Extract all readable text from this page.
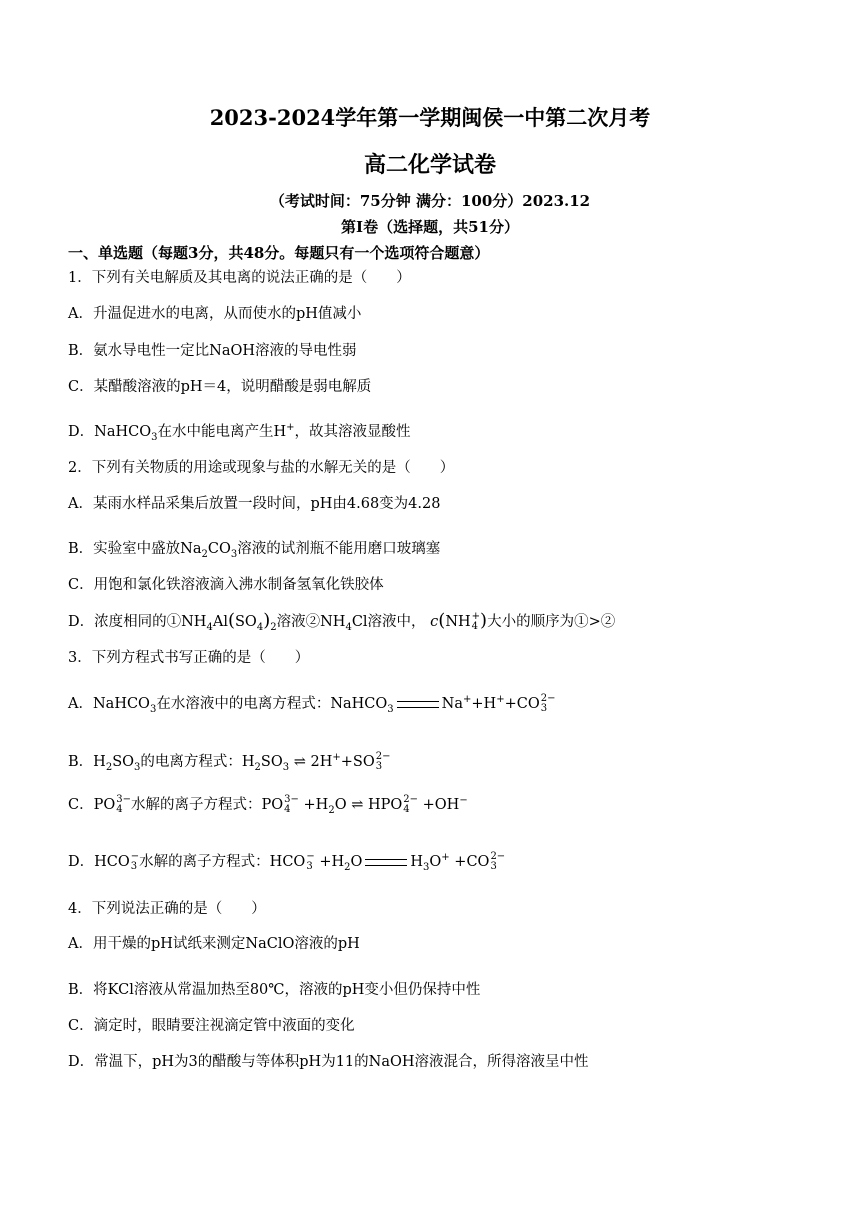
2023-2024学年第一学期闽侯一中第二次月考
高二化学试卷
（考试时间：75分钟 满分：100分）2023.12
第Ⅰ卷（选择题，共51分）
一、单选题（每题3分，共48分。每题只有一个选项符合题意）
1．下列有关电解质及其电离的说法正确的是（　　）
A．升温促进水的电离，从而使水的pH值减小
B．氨水导电性一定比NaOH溶液的导电性弱
C．某醋酸溶液的pH＝4，说明醋酸是弱电解质
D．NaHCO$_3$在水中能电离产生H+，故其溶液显酸性
2．下列有关物质的用途或现象与盐的水解无关的是（　　）
A．某雨水样品采集后放置一段时间，pH由4.68变为4.28
B．实验室中盛放$Na_2CO_3$溶液的试剂瓶不能用磨口玻璃塞
C．用饱和氯化铁溶液滴入沸水制备氢氧化铁胶体
D．浓度相同的$①NH_4Al(SO_4)_2$溶液$②NH_4Cl$溶液中， c(NH +
4 )大小的顺序为①>②
3．下列方程式书写正确的是（　　）
A．NaHCO$_3$在水溶液中的电离方程式：NaHCO$_3$	Na++H++CO 2−
3
B．$H_2SO_3$的电离方程式：$H_2SO_3$ ⇌ 2H++SO 2−
3
C．PO 3−
4 水解的离子方程式：PO 3−
$4 +H_2O$ ⇌ HPO 2−
4 +OH−
D．HCO −
3 水解的离子方程式：HCO −
$3 +H_2O$	$H_3O^+ +CO$ 2−
3
4．下列说法正确的是（　　）
A．用干燥的pH试纸来测定NaClO溶液的pH
B．将KCl溶液从常温加热至80℃，溶液的pH变小但仍保持中性
C．滴定时，眼睛要注视滴定管中液面的变化
D．常温下，pH为3的醋酸与等体积pH为11的NaOH溶液混合，所得溶液呈中性
